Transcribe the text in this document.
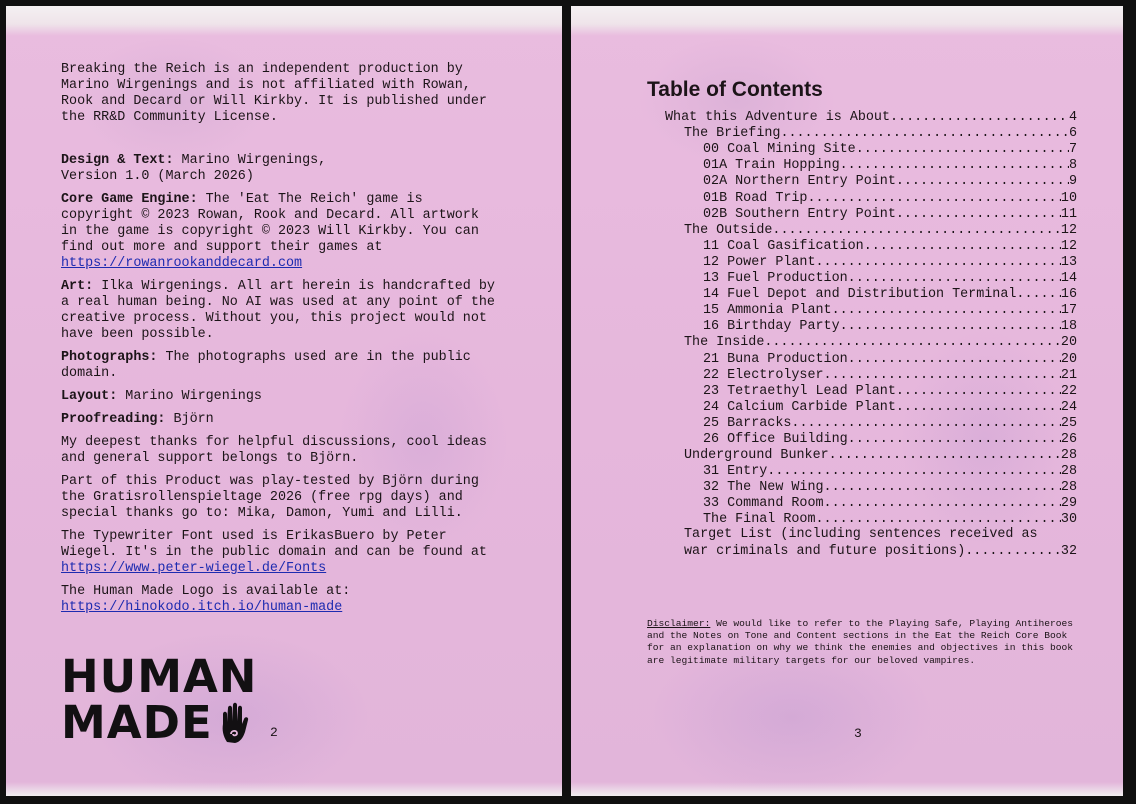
Breaking the Reich is an independent production by Marino Wirgenings and is not affiliated with Rowan, Rook and Decard or Will Kirkby. It is published under the RR&D Community License.

Design & Text: Marino Wirgenings,
Version 1.0 (March 2026)

Core Game Engine: The 'Eat The Reich' game is copyright © 2023 Rowan, Rook and Decard. All artwork in the game is copyright © 2023 Will Kirkby. You can find out more and support their games at https://rowanrookanddecard.com

Art: Ilka Wirgenings. All art herein is handcrafted by a real human being. No AI was used at any point of the creative process. Without you, this project would not have been possible.

Photographs: The photographs used are in the public domain.

Layout: Marino Wirgenings

Proofreading: Björn

My deepest thanks for helpful discussions, cool ideas and general support belongs to Björn.

Part of this Product was play-tested by Björn during the Gratisrollenspieltage 2026 (free rpg days) and special thanks go to: Mika, Damon, Yumi and Lilli.

The Typewriter Font used is ErikasBuero by Peter Wiegel. It's in the public domain and can be found at https://www.peter-wiegel.de/Fonts

The Human Made Logo is available at:
https://hinokodo.itch.io/human-made

HUMAN
MADE	2
Table of Contents
What this Adventure is About .....	4
The Briefing .....	6
00 Coal Mining Site .....	7
01A Train Hopping .....	8
02A Northern Entry Point .....	9
01B Road Trip .....	10
02B Southern Entry Point .....	11
The Outside .....	12
11 Coal Gasification .....	12
12 Power Plant .....	13
13 Fuel Production .....	14
14 Fuel Depot and Distribution Terminal .....	16
15 Ammonia Plant .....	17
16 Birthday Party .....	18
The Inside .....	20
21 Buna Production .....	20
22 Electrolyser .....	21
23 Tetraethyl Lead Plant .....	22
24 Calcium Carbide Plant .....	24
25 Barracks .....	25
26 Office Building .....	26
Underground Bunker .....	28
31 Entry .....	28
32 The New Wing .....	28
33 Command Room .....	29
The Final Room .....	30
Target List (including sentences received as
war criminals and future positions) .....	32
Disclaimer: We would like to refer to the Playing Safe, Playing Antiheroes and the Notes on Tone and Content sections in the Eat the Reich Core Book for an explanation on why we think the enemies and objectives in this book are legitimate military targets for our beloved vampires.
3
